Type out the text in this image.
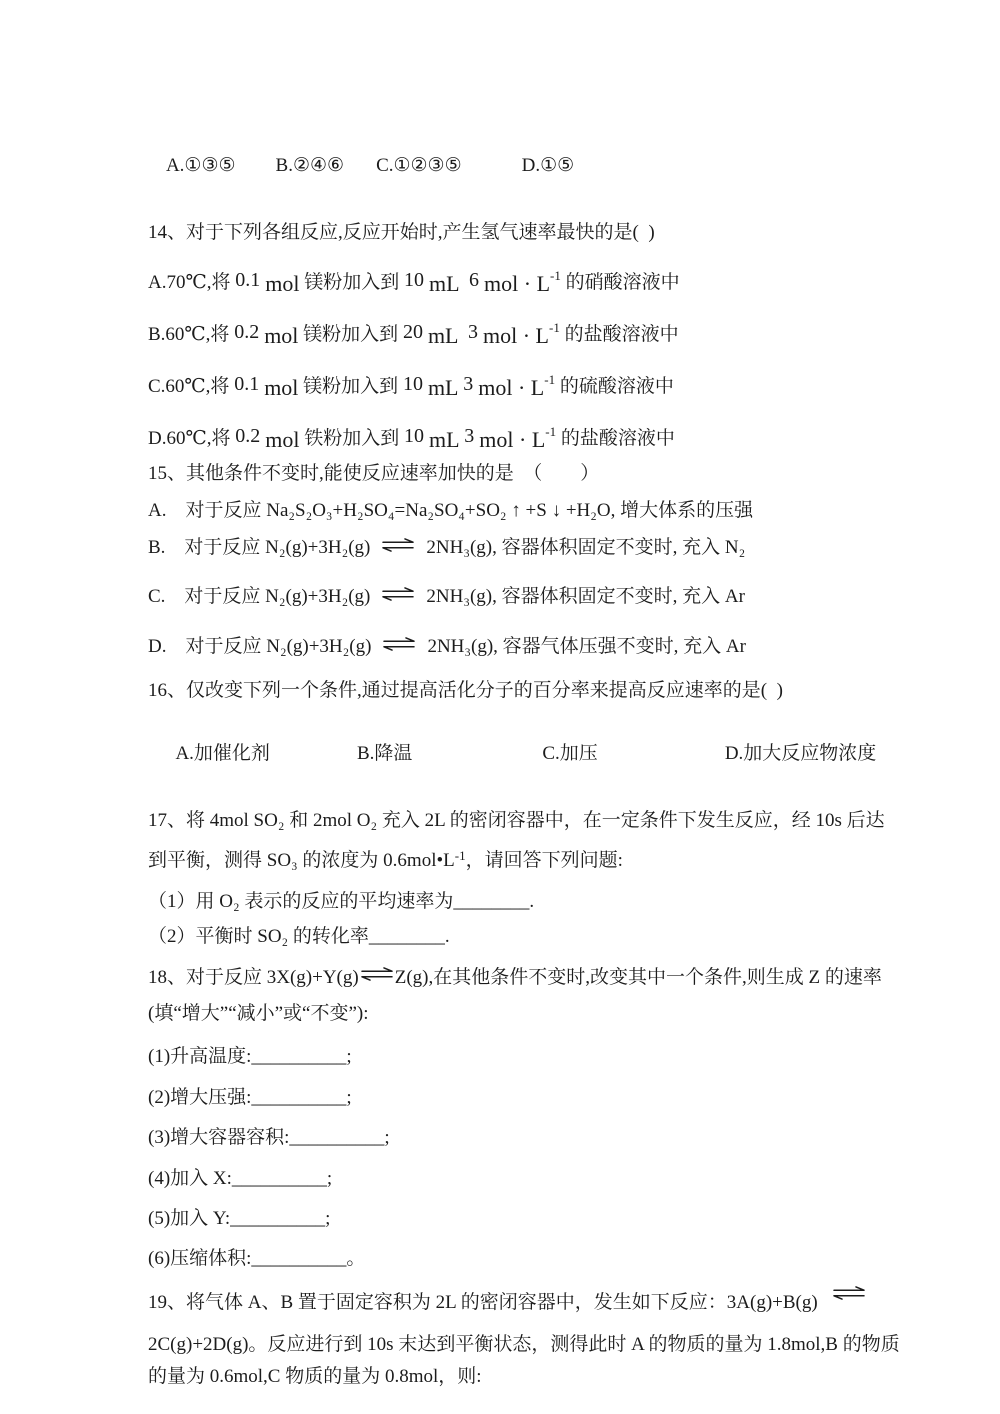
A.①③⑤ B.②④⑥ C.①②③⑤	D.①⑤

14、对于下列各组反应,反应开始时,产生氢气速率最快的是(  )
A.70℃,将 0.1 mol 镁粉加入到 10 mL 6 mol · $L^{-1}$ 的硝酸溶液中
B.60℃,将 0.2 mol 镁粉加入到 20 mL 3 mol · $L^{-1}$ 的盐酸溶液中
C.60℃,将 0.1 mol 镁粉加入到 10 mL 3 mol · $L^{-1}$ 的硫酸溶液中
D.60℃,将 0.2 mol 铁粉加入到 10 mL 3 mol · $L^{-1}$ 的盐酸溶液中
15、其他条件不变时,能使反应速率加快的是　（　　）
A.　对于反应 Na₂S₂O₃+H₂SO₄=Na₂SO₄+SO₂ ↑ +S ↓ +H₂O, 增大体系的压强
B.　对于反应 N₂(g)+3H₂(g) ⇌ 2NH₃(g), 容器体积固定不变时, 充入 N₂
C.　对于反应 N₂(g)+3H₂(g) ⇌ 2NH₃(g), 容器体积固定不变时, 充入 Ar
D.　对于反应 N₂(g)+3H₂(g) ⇌ 2NH₃(g), 容器气体压强不变时, 充入 Ar
16、仅改变下列一个条件,通过提高活化分子的百分率来提高反应速率的是(  )

A.加催化剂	B.降温	C.加压	D.加大反应物浓度

17、将 4mol SO₂ 和 2mol O₂ 充入 2L 的密闭容器中，在一定条件下发生反应，经 10s 后达
到平衡，测得 SO₃ 的浓度为 $0.6mol•L^{-1}$，请回答下列问题:
（1）用 O₂ 表示的反应的平均速率为________.
（2）平衡时 SO₂ 的转化率________.
18、对于反应 3X(g)+Y(g)⇌Z(g),在其他条件不变时,改变其中一个条件,则生成 Z 的速率
(填“增大”“减小”或“不变”):
(1)升高温度:__________;
(2)增大压强:__________;
(3)增大容器容积:__________;
(4)加入 X:__________;
(5)加入 Y:__________;
(6)压缩体积:__________。
19、将气体 A、B 置于固定容积为 2L 的密闭容器中，发生如下反应：3A(g)+B(g) ⇌
2C(g)+2D(g)。反应进行到 10s 末达到平衡状态，测得此时 A 的物质的量为 1.8mol,B 的物质
的量为 0.6mol,C 物质的量为 0.8mol，则:
